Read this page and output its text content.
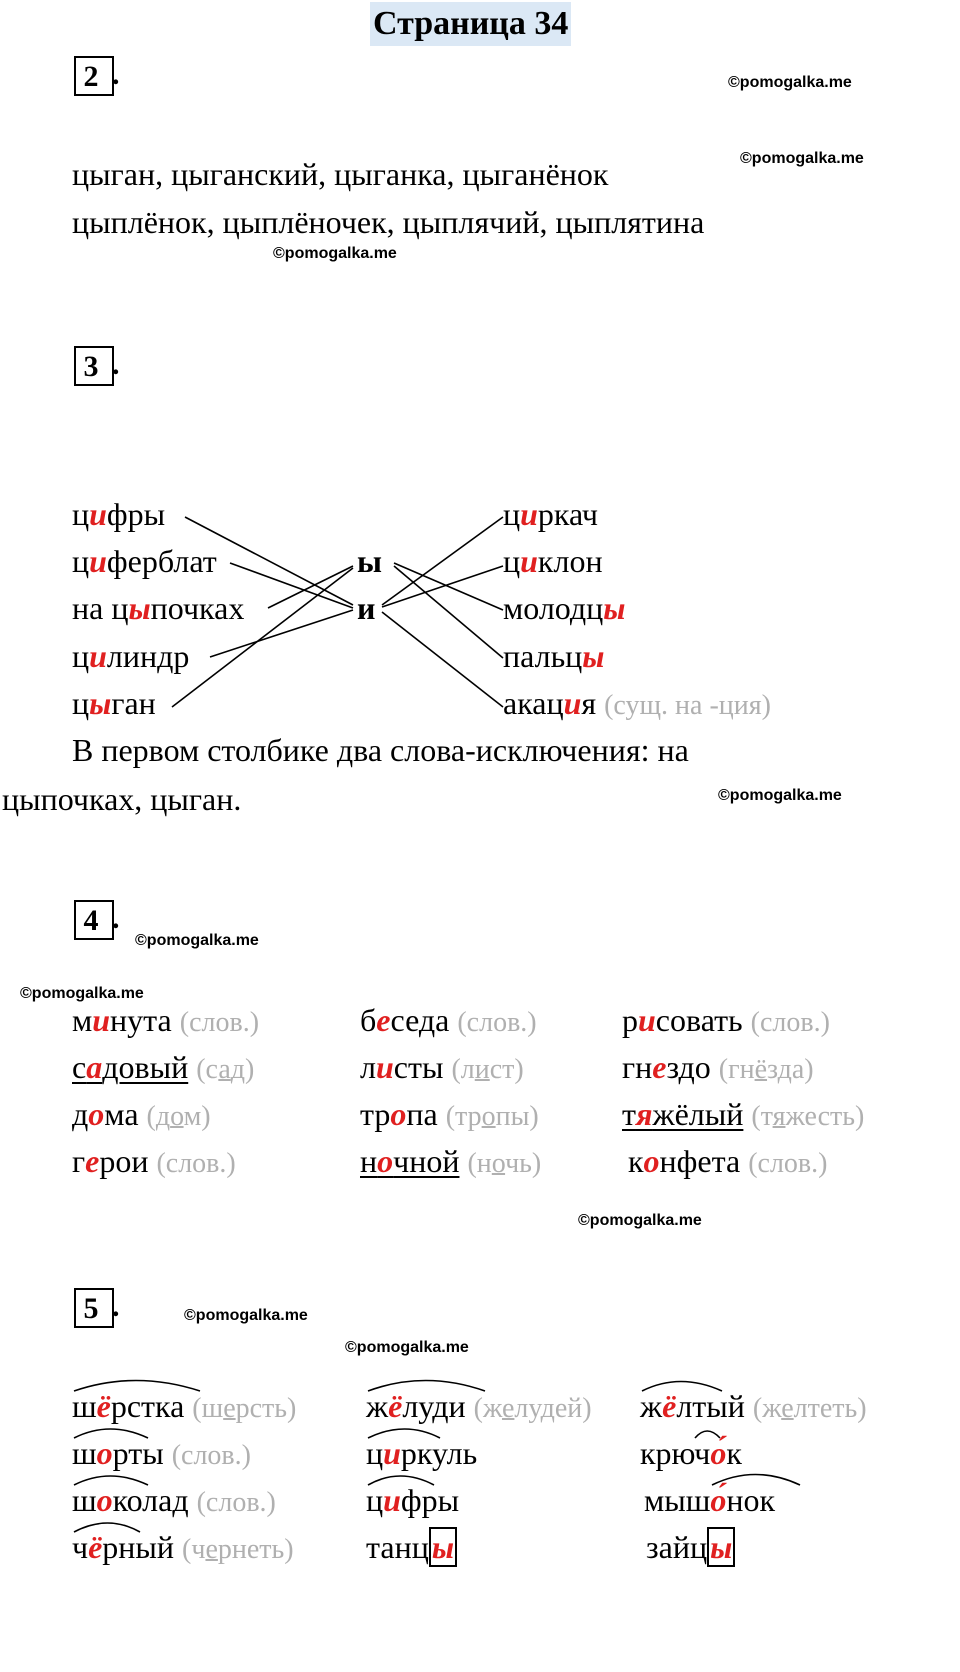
Страница 34
©pomogalka.me
©pomogalka.me
©pomogalka.me
©pomogalka.me
©pomogalka.me
©pomogalka.me
©pomogalka.me
©pomogalka.me
©pomogalka.me
2 .
цыган, цыганский, цыганка, цыганёнок
цыплёнок, цыплёночек, цыплячий, цыплятина
3 .
цифры
циферблат
на цыпочках
цилиндр
цыган
ы
и
циркач
циклон
молодцы
пальцы
акация (сущ. на -ция)
В первом столбике два слова-исключения: на
цыпочках, цыган.
4 .
минута (слов.)
садовый (сад)
дома (дом)
герои (слов.)
беседа (слов.)
листы (лист)
тропа (тропы)
ночной (ночь)
рисовать (слов.)
гнездо (гнёзда)
тяжёлый (тяжесть)
конфета (слов.)
5 .
шёрстка (шерсть)
шорты (слов.)
шоколад (слов.)
чёрный (чернеть)
жёлуди (желудей)
циркуль
цифры
танцы
жёлтый (желтеть)
крючо́к
мышо́нок
зайцы
